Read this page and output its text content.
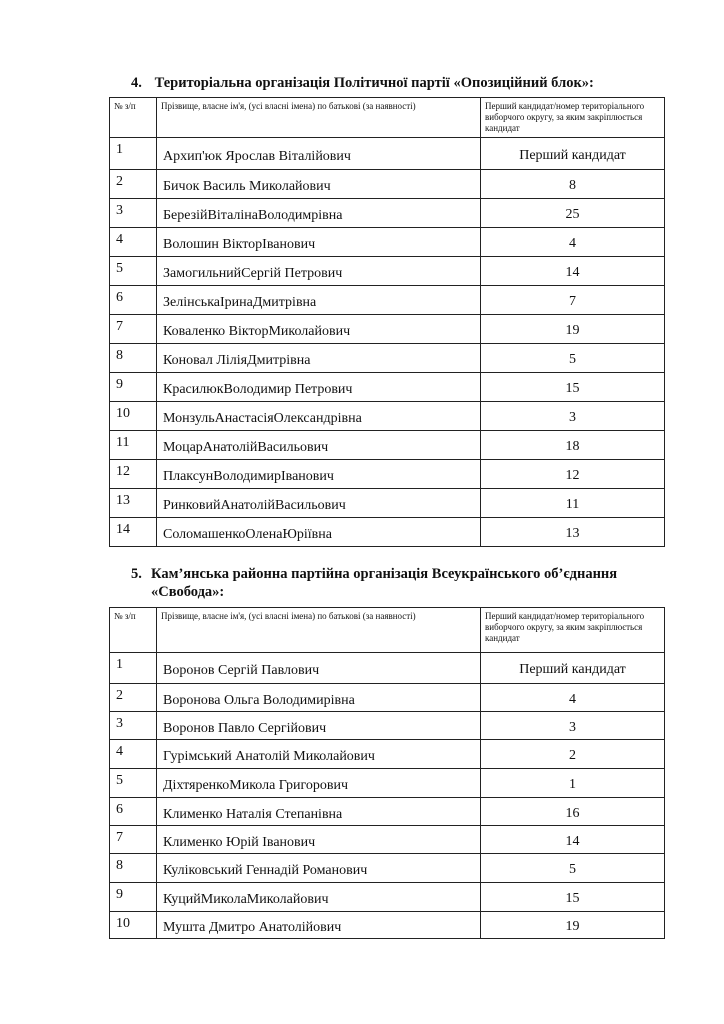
4. Територіальна організація Політичної партії «Опозиційний блок»:
№ з/п	Прізвище, власне ім'я, (усі власні імена) по батькові (за наявності)	Перший кандидат/номер територіального виборчого округу, за яким закріплюється кандидат
1	Архип'юк Ярослав Віталійович	Перший кандидат
2	Бичок Василь Миколайович	8
3	БерезійВіталінаВолодимрівна	25
4	Волошин ВікторІванович	4
5	ЗамогильнийСергій Петрович	14
6	ЗелінськаІринаДмитрівна	7
7	Коваленко ВікторМиколайович	19
8	Коновал ЛіліяДмитрівна	5
9	КрасилюкВолодимир Петрович	15
10	МонзульАнастасіяОлександрівна	3
11	МоцарАнатолійВасильович	18
12	ПлаксунВолодимирІванович	12
13	РинковийАнатолійВасильович	11
14	СоломашенкоОленаЮріївна	13
5. Кам’янська районна партійна організація Всеукраїнського об’єднання
«Свобода»:
№ з/п	Прізвище, власне ім'я, (усі власні імена) по батькові (за наявності)	Перший кандидат/номер територіального виборчого округу, за яким закріплюється кандидат
1	Воронов Сергій Павлович	Перший кандидат
2	Воронова Ольга Володимирівна	4
3	Воронов Павло Сергійович	3
4	Гурімський Анатолій Миколайович	2
5	ДіхтяренкоМикола Григорович	1
6	Клименко Наталія Степанівна	16
7	Клименко Юрій Іванович	14
8	Куліковський Геннадій Романович	5
9	КуцийМиколаМиколайович	15
10	Мушта Дмитро Анатолійович	19
